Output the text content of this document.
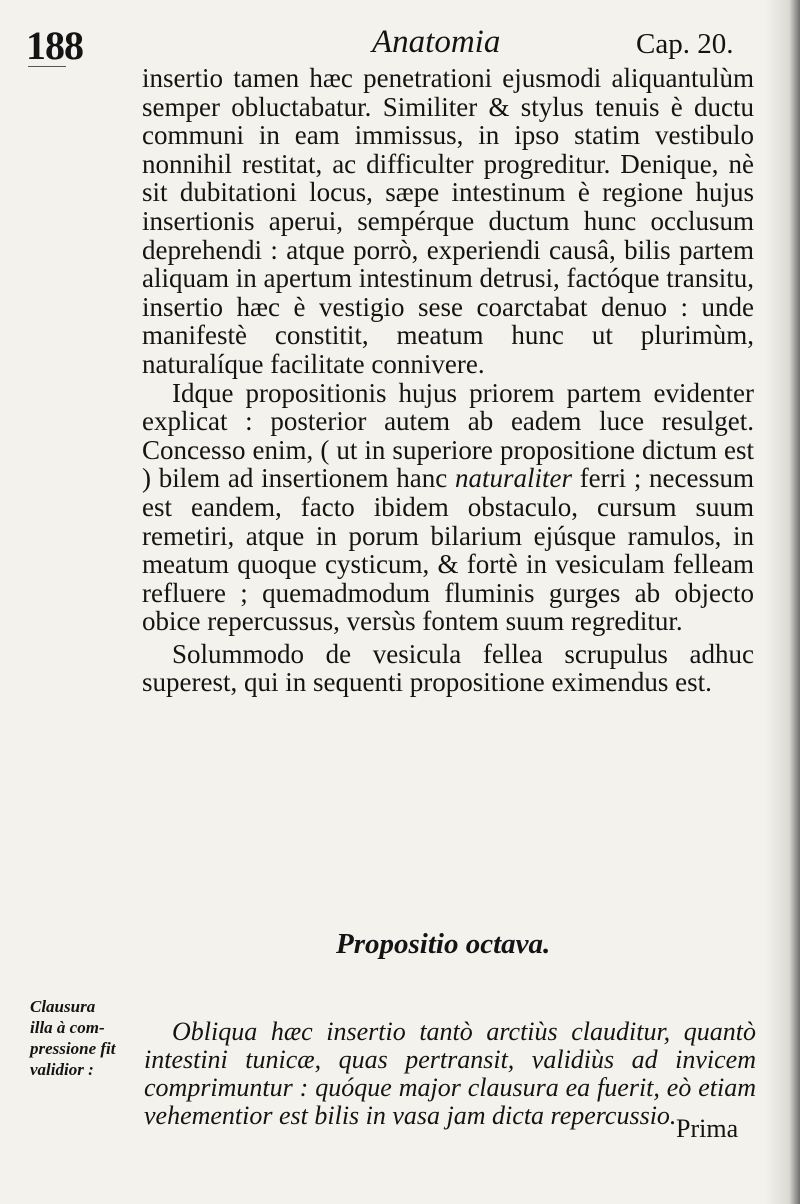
188	Anatomia	Cap. 20.

insertio tamen hæc penetrationi ejusmodi aliquantulùm semper obluctabatur. Similiter & stylus tenuis è ductu communi in eam immissus, in ipso statim vestibulo nonnihil restitat, ac difficulter progreditur. Denique, nè sit dubitationi locus, sæpe intestinum è regione hujus insertionis aperui, sempérque ductum hunc occlusum deprehendi : atque porrò, experiendi causâ, bilis partem aliquam in apertum intestinum detrusi, factóque transitu, insertio hæc è vestigio sese coarctabat denuo : unde manifestè constitit, meatum hunc ut plurimùm, naturalíque facilitate connivere.

Idque propositionis hujus priorem partem evidenter explicat : posterior autem ab eadem luce resulget. Concesso enim, ( ut in superiore propositione dictum est ) bilem ad insertionem hanc naturaliter ferri ; necessum est eandem, facto ibidem obstaculo, cursum suum remetiri, atque in porum bilarium ejúsque ramulos, in meatum quoque cysticum, & fortè in vesiculam felleam refluere ; quemadmodum fluminis gurges ab objecto obice repercussus, versùs fontem suum regreditur.

Solummodo de vesicula fellea scrupulus adhuc superest, qui in sequenti propositione eximendus est.

Propositio octava.
Clausura
illa à com-
pressione fit
validior :

Obliqua hæc insertio tantò arctiùs clauditur, quantò intestini tunicæ, quas pertransit, validiùs ad invicem comprimuntur : quóque major clausura ea fuerit, eò etiam vehementior est bilis in vasa jam dicta repercussio. Prima
